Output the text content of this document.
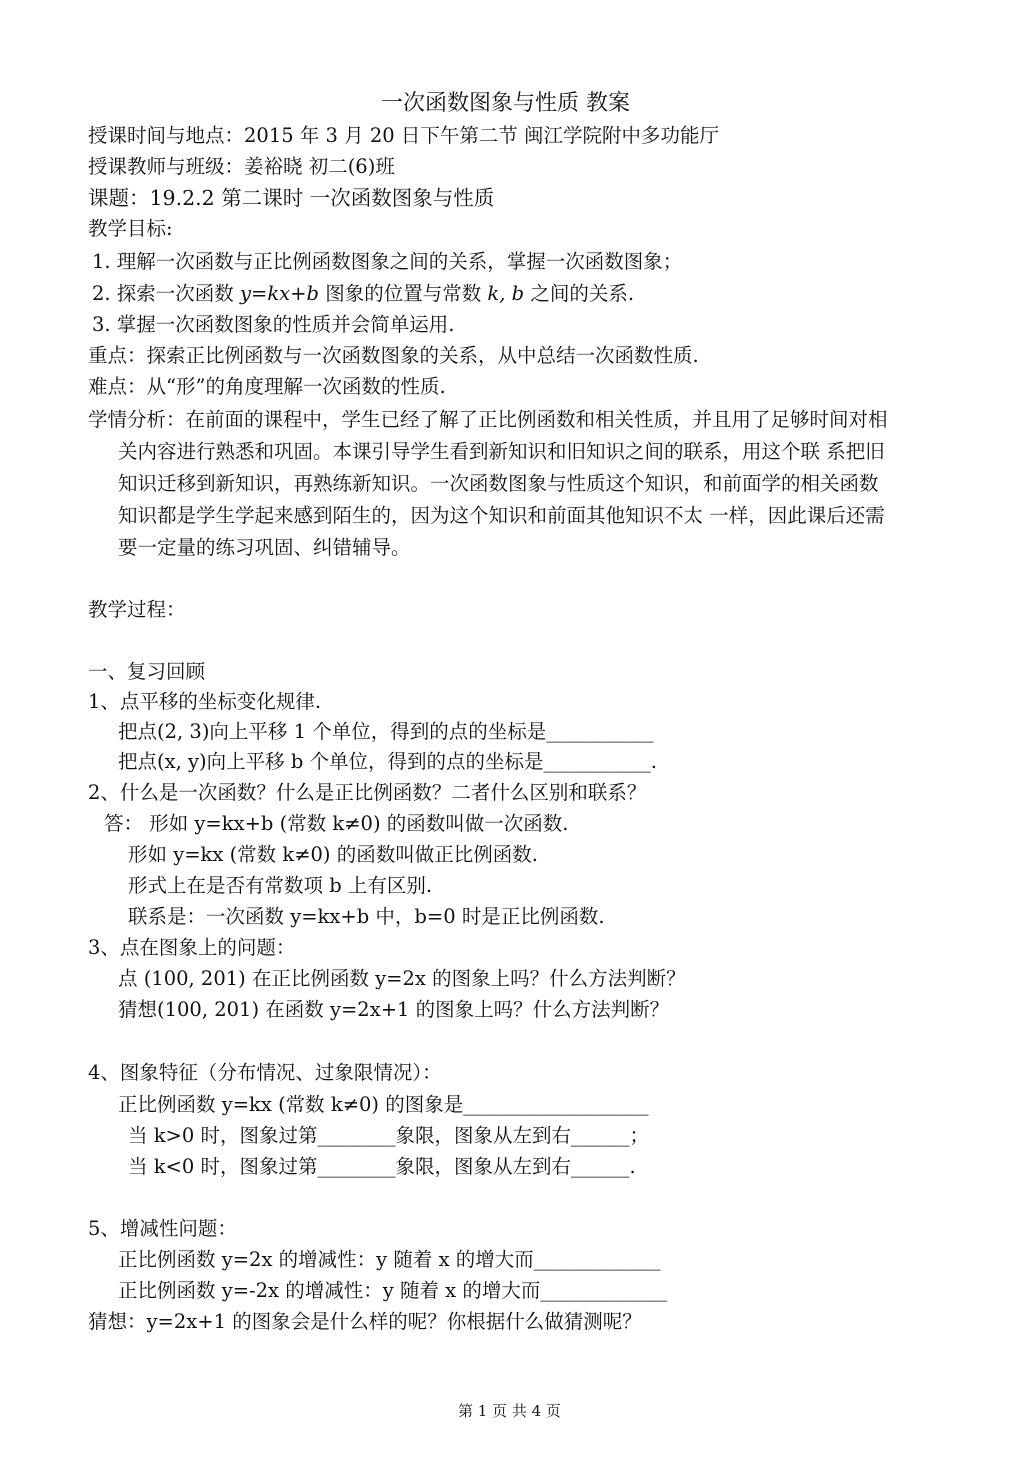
一次函数图象与性质 教案
授课时间与地点：2015 年 3 月 20 日下午第二节 闽江学院附中多功能厅
授课教师与班级：姜裕晓 初二(6)班
课题：19.2.2 第二课时 一次函数图象与性质
教学目标:
1. 理解一次函数与正比例函数图象之间的关系，掌握一次函数图象；
2. 探索一次函数 y=kx+b 图象的位置与常数 k, b 之间的关系.
3. 掌握一次函数图象的性质并会简单运用.
重点：探索正比例函数与一次函数图象的关系，从中总结一次函数性质.
难点：从“形”的角度理解一次函数的性质.
学情分析：在前面的课程中，学生已经了解了正比例函数和相关性质，并且用了足够时间对相
关内容进行熟悉和巩固。本课引导学生看到新知识和旧知识之间的联系，用这个联 系把旧
知识迁移到新知识，再熟练新知识。一次函数图象与性质这个知识，和前面学的相关函数
知识都是学生学起来感到陌生的，因为这个知识和前面其他知识不太 一样，因此课后还需
要一定量的练习巩固、纠错辅导。
教学过程：
一、复习回顾
1、点平移的坐标变化规律.
把点(2, 3)向上平移 1 个单位，得到的点的坐标是___________
把点(x, y)向上平移 b 个单位，得到的点的坐标是___________.
2、什么是一次函数？什么是正比例函数？二者什么区别和联系？
答： 形如 y=kx+b (常数 k≠0) 的函数叫做一次函数.
形如 y=kx (常数 k≠0) 的函数叫做正比例函数.
形式上在是否有常数项 b 上有区别.
联系是：一次函数 y=kx+b 中，b=0 时是正比例函数.
3、点在图象上的问题：
点 (100, 201) 在正比例函数 y=2x 的图象上吗？什么方法判断？
猜想(100, 201) 在函数 y=2x+1 的图象上吗？什么方法判断？
4、图象特征（分布情况、过象限情况）：
正比例函数 y=kx (常数 k≠0) 的图象是___________________
当 k>0 时，图象过第________象限，图象从左到右______；
当 k<0 时，图象过第________象限，图象从左到右______.
5、增减性问题：
正比例函数 y=2x 的增减性：y 随着 x 的增大而_____________
正比例函数 y=-2x 的增减性：y 随着 x 的增大而_____________
猜想：y=2x+1 的图象会是什么样的呢？你根据什么做猜测呢？
第 1 页 共 4 页
